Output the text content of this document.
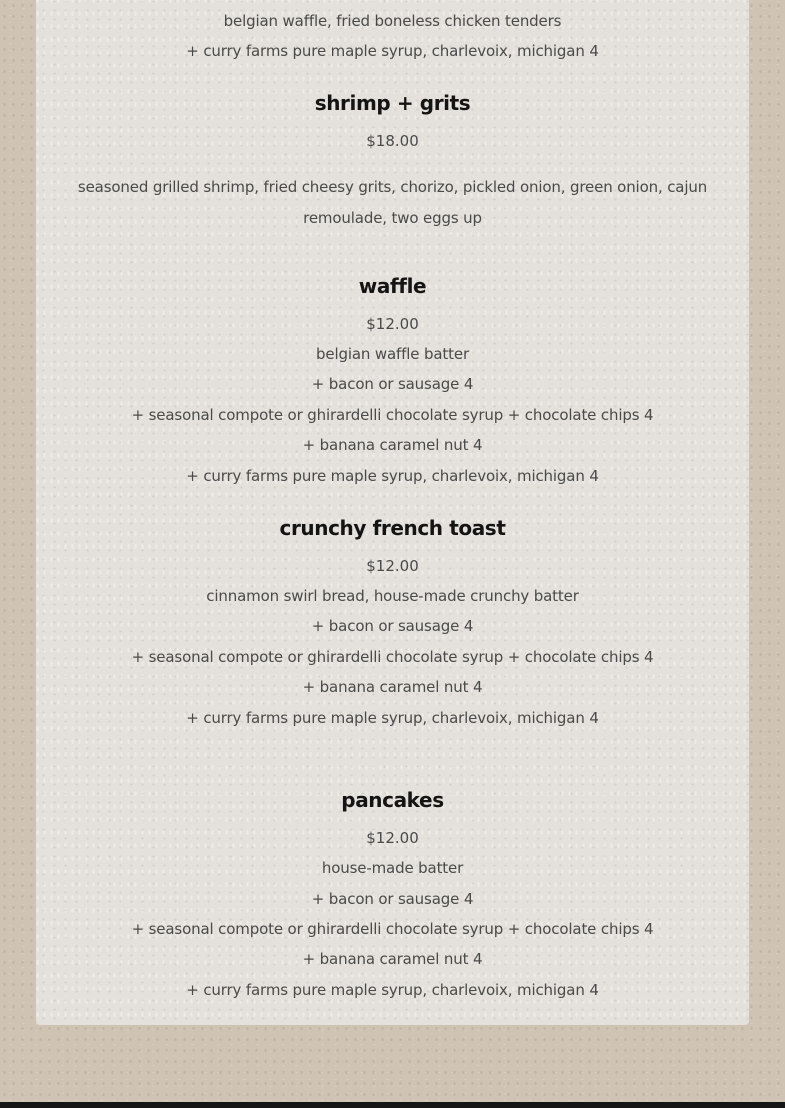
belgian waffle, fried boneless chicken tenders
+ curry farms pure maple syrup, charlevoix, michigan 4
shrimp + grits
$18.00
seasoned grilled shrimp, fried cheesy grits, chorizo, pickled onion, green onion, cajun
remoulade, two eggs up
waffle
$12.00
belgian waffle batter
+ bacon or sausage 4
+ seasonal compote or ghirardelli chocolate syrup + chocolate chips 4
+ banana caramel nut 4
+ curry farms pure maple syrup, charlevoix, michigan 4
crunchy french toast
$12.00
cinnamon swirl bread, house-made crunchy batter
+ bacon or sausage 4
+ seasonal compote or ghirardelli chocolate syrup + chocolate chips 4
+ banana caramel nut 4
+ curry farms pure maple syrup, charlevoix, michigan 4
pancakes
$12.00
house-made batter
+ bacon or sausage 4
+ seasonal compote or ghirardelli chocolate syrup + chocolate chips 4
+ banana caramel nut 4
+ curry farms pure maple syrup, charlevoix, michigan 4
